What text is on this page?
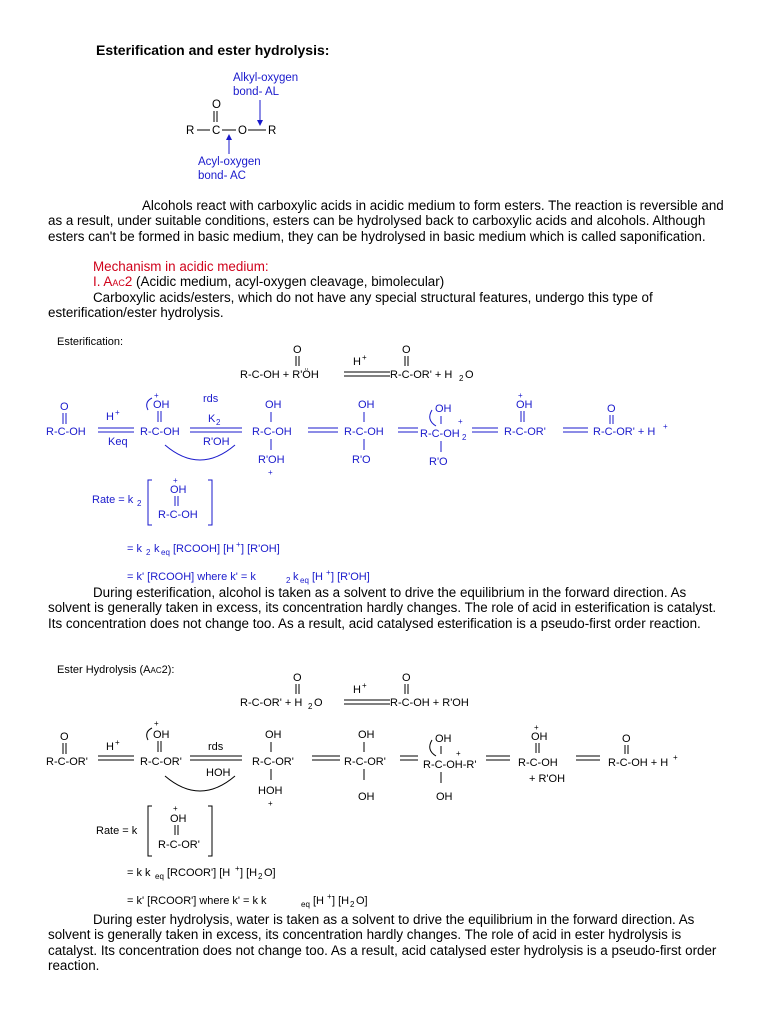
Esterification and ester hydrolysis:
Alkyl-oxygen
bond- AL
O
R C O R
Acyl-oxygen
bond- AC
Alcohols react with carboxylic acids in acidic medium to form esters. The reaction is reversible and as a result, under suitable conditions, esters can be hydrolysed back to carboxylic acids and alcohols. Although esters can't be formed in basic medium, they can be hydrolysed in basic medium which is called saponification.
Mechanism in acidic medium:
I. AAC2 (Acidic medium, acyl-oxygen cleavage, bimolecular)
Carboxylic acids/esters, which do not have any special structural features, undergo this type of esterification/ester hydrolysis.
Esterification:
O
R-C-OH + R'ÖH
H +
O
R-C-OR' + H 2 O
O
R-C-OH
H +
Keq
+
OH
R-C-OH
rds
K 2
R'OH
OH
R-C-OH
R'OH
+
OH
R-C-OH
R'O
OH
R-C-OH 2
+
R'O
+
OH
R-C-OR'
O
R-C-OR' + H +
Rate = k 2
+
OH
R-C-OH
= k 2 k eq [RCOOH] [H + ] [R'OH]
= k' [RCOOH] where k' = k	2 k eq [H + ] [R'OH]
During esterification, alcohol is taken as a solvent to drive the equilibrium in the forward direction. As solvent is generally taken in excess, its concentration hardly changes. The role of acid in esterification is catalyst. Its concentration does not change too. As a result, acid catalysed esterification is a pseudo-first order reaction.
Ester Hydrolysis (AAC2):
O
R-C-OR' + H 2 O
H +
O
R-C-OH + R'OH
O
R-C-OR'
H +
+
OH
R-C-OR'
rds
HOH
OH
R-C-OR'
HOH
+
OH
R-C-OR'
OH
OH
R-C-OH-R'
+
OH
+
OH
R-C-OH
+ R'OH
O
R-C-OH + H +
Rate = k
+
OH
R-C-OR'
= k k eq [RCOOR'] [H + ] [H 2 O]
= k' [RCOOR'] where k' = k k	eq [H + ] [H 2 O]
During ester hydrolysis, water is taken as a solvent to drive the equilibrium in the forward direction. As solvent is generally taken in excess, its concentration hardly changes. The role of acid in ester hydrolysis is catalyst. Its concentration does not change too. As a result, acid catalysed ester hydrolysis is a pseudo-first order reaction.
